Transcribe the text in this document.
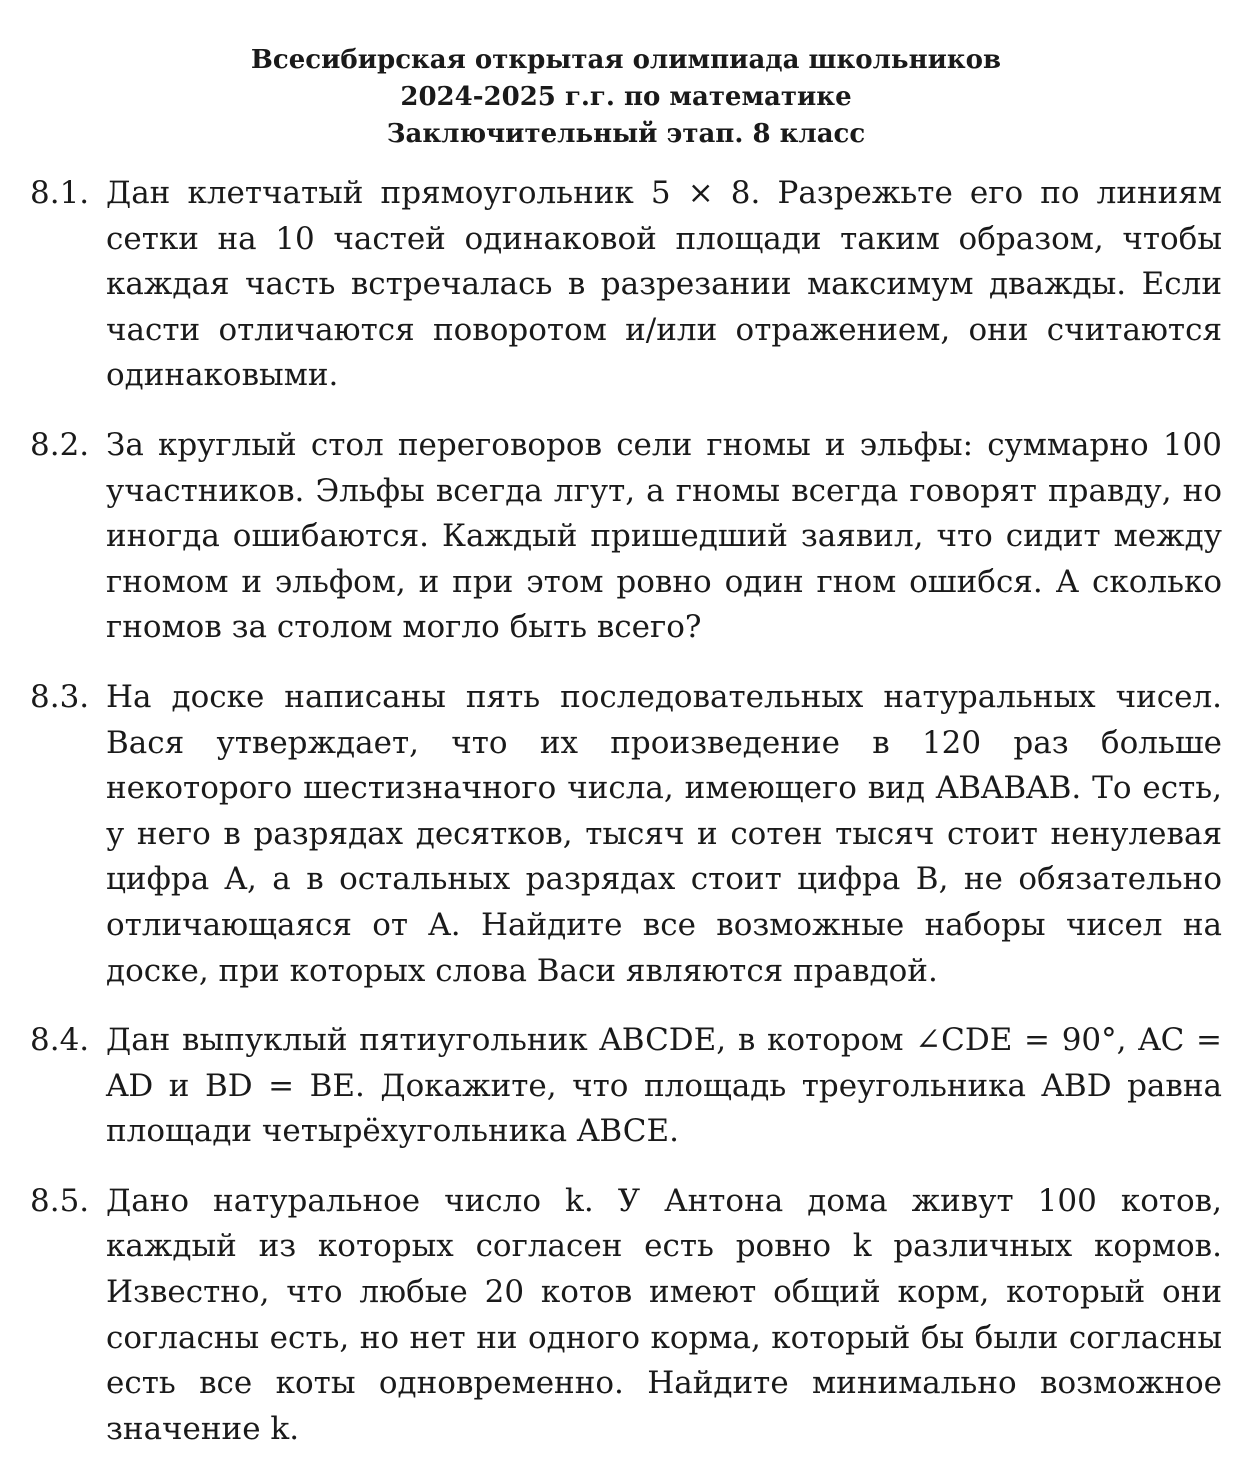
Всесибирская открытая олимпиада школьников
2024-2025 г.г. по математике
Заключительный этап. 8 класс
8.1. Дан клетчатый прямоугольник 5 × 8. Разрежьте его по линиям сетки на 10 частей одинаковой площади таким образом, чтобы каждая часть встречалась в разрезании максимум дважды. Если части отличаются поворотом и/или отражением, они считаются одинаковыми.
8.2. За круглый стол переговоров сели гномы и эльфы: суммарно 100 участников. Эльфы всегда лгут, а гномы всегда говорят правду, но иногда ошибаются. Каждый пришедший заявил, что сидит между гномом и эльфом, и при этом ровно один гном ошибся. А сколько гномов за столом могло быть всего?
8.3. На доске написаны пять последовательных натуральных чисел. Вася утверждает, что их произведение в 120 раз больше некоторого шестизначного числа, имеющего вид ABABAB. То есть, у него в разрядах десятков, тысяч и сотен тысяч стоит ненулевая цифра A, а в остальных разрядах стоит цифра B, не обязательно отличающаяся от A. Найдите все возможные наборы чисел на доске, при которых слова Васи являются правдой.
8.4. Дан выпуклый пятиугольник ABCDE, в котором ∠CDE = 90°, AC = AD и BD = BE. Докажите, что площадь треугольника ABD равна площади четырёхугольника ABCE.
8.5. Дано натуральное число k. У Антона дома живут 100 котов, каждый из которых согласен есть ровно k различных кормов. Известно, что любые 20 котов имеют общий корм, который они согласны есть, но нет ни одного корма, который бы были согласны есть все коты одновременно. Найдите минимально возможное значение k.
